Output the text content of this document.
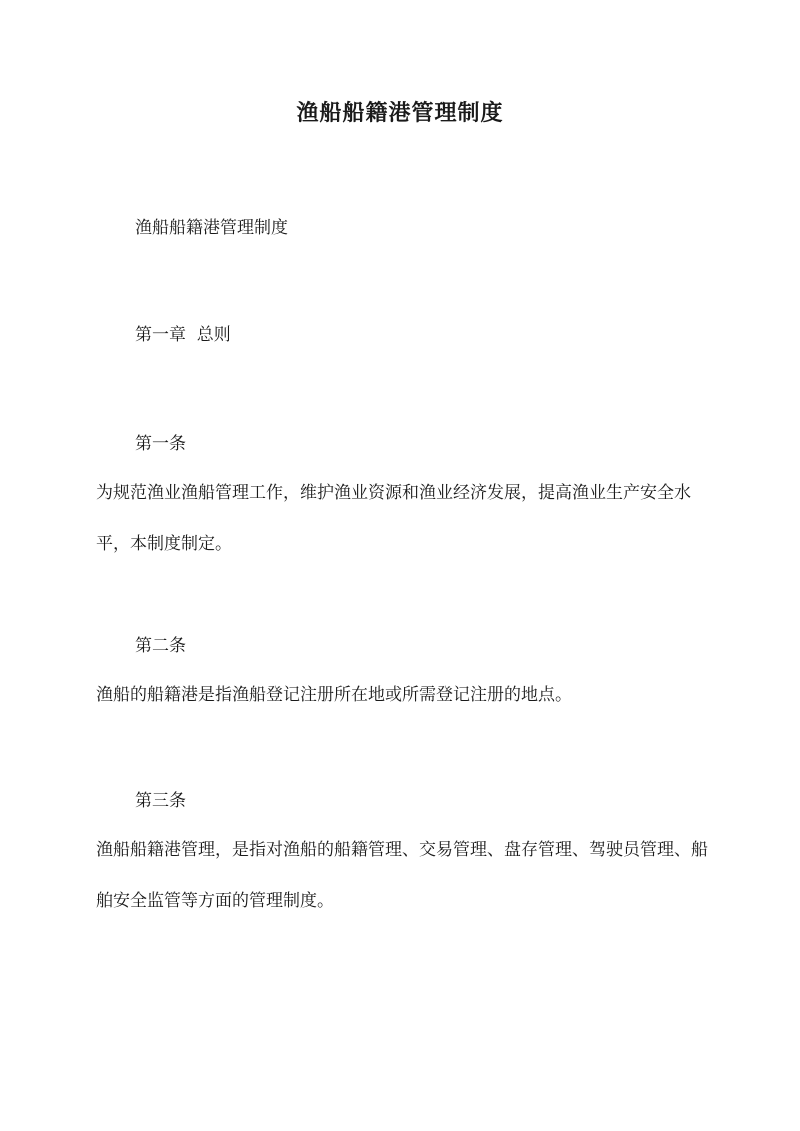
渔船船籍港管理制度

渔船船籍港管理制度

第一章  总则

第一条

为规范渔业渔船管理工作，维护渔业资源和渔业经济发展，提高渔业生产安全水平，本制度制定。

第二条

渔船的船籍港是指渔船登记注册所在地或所需登记注册的地点。

第三条

渔船船籍港管理，是指对渔船的船籍管理、交易管理、盘存管理、驾驶员管理、船舶安全监管等方面的管理制度。
